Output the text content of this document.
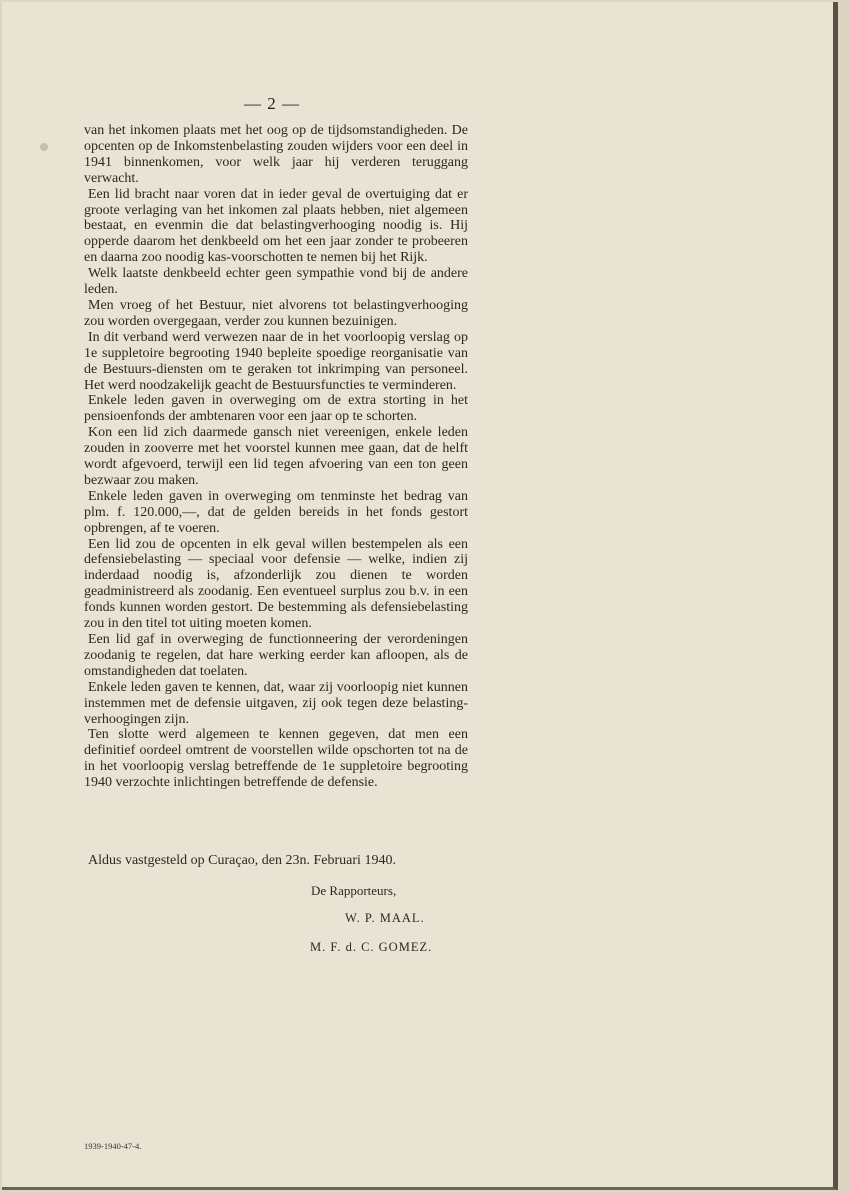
— 2 —

van het inkomen plaats met het oog op de tijdsomstandigheden. De opcenten op de Inkomstenbelasting zouden wijders voor een deel in 1941 binnenkomen, voor welk jaar hij verderen teruggang verwacht.

Een lid bracht naar voren dat in ieder geval de overtuiging dat er groote verlaging van het inkomen zal plaats hebben, niet algemeen bestaat, en evenmin die dat belastingverhooging noodig is. Hij opperde daarom het denkbeeld om het een jaar zonder te probeeren en daarna zoo noodig kas-voorschotten te nemen bij het Rijk.

Welk laatste denkbeeld echter geen sympathie vond bij de andere leden.

Men vroeg of het Bestuur, niet alvorens tot belastingverhooging zou worden overgegaan, verder zou kunnen bezuinigen.

In dit verband werd verwezen naar de in het voorloopig verslag op 1e suppletoire begrooting 1940 bepleite spoedige reorganisatie van de Bestuurs-diensten om te geraken tot inkrimping van personeel. Het werd noodzakelijk geacht de Bestuursfuncties te verminderen.

Enkele leden gaven in overweging om de extra storting in het pensioenfonds der ambtenaren voor een jaar op te schorten.

Kon een lid zich daarmede gansch niet vereenigen, enkele leden zouden in zooverre met het voorstel kunnen mee gaan, dat de helft wordt afgevoerd, terwijl een lid tegen afvoering van een ton geen bezwaar zou maken.

Enkele leden gaven in overweging om tenminste het bedrag van plm. f. 120.000,—, dat de gelden bereids in het fonds gestort opbrengen, af te voeren.

Een lid zou de opcenten in elk geval willen bestempelen als een defensiebelasting — speciaal voor defensie — welke, indien zij inderdaad noodig is, afzonderlijk zou dienen te worden geadministreerd als zoodanig. Een eventueel surplus zou b.v. in een fonds kunnen worden gestort. De bestemming als defensiebelasting zou in den titel tot uiting moeten komen.

Een lid gaf in overweging de functionneering der verordeningen zoodanig te regelen, dat hare werking eerder kan afloopen, als de omstandigheden dat toelaten.

Enkele leden gaven te kennen, dat, waar zij voorloopig niet kunnen instemmen met de defensie uitgaven, zij ook tegen deze belasting-verhoogingen zijn.

Ten slotte werd algemeen te kennen gegeven, dat men een definitief oordeel omtrent de voorstellen wilde opschorten tot na de in het voorloopig verslag betreffende de 1e suppletoire begrooting 1940 verzochte inlichtingen betreffende de defensie.

Aldus vastgesteld op Curaçao, den 23n. Februari 1940.
De Rapporteurs,
W. P. MAAL.
M. F. d. C. GOMEZ.
1939-1940-47-4.
